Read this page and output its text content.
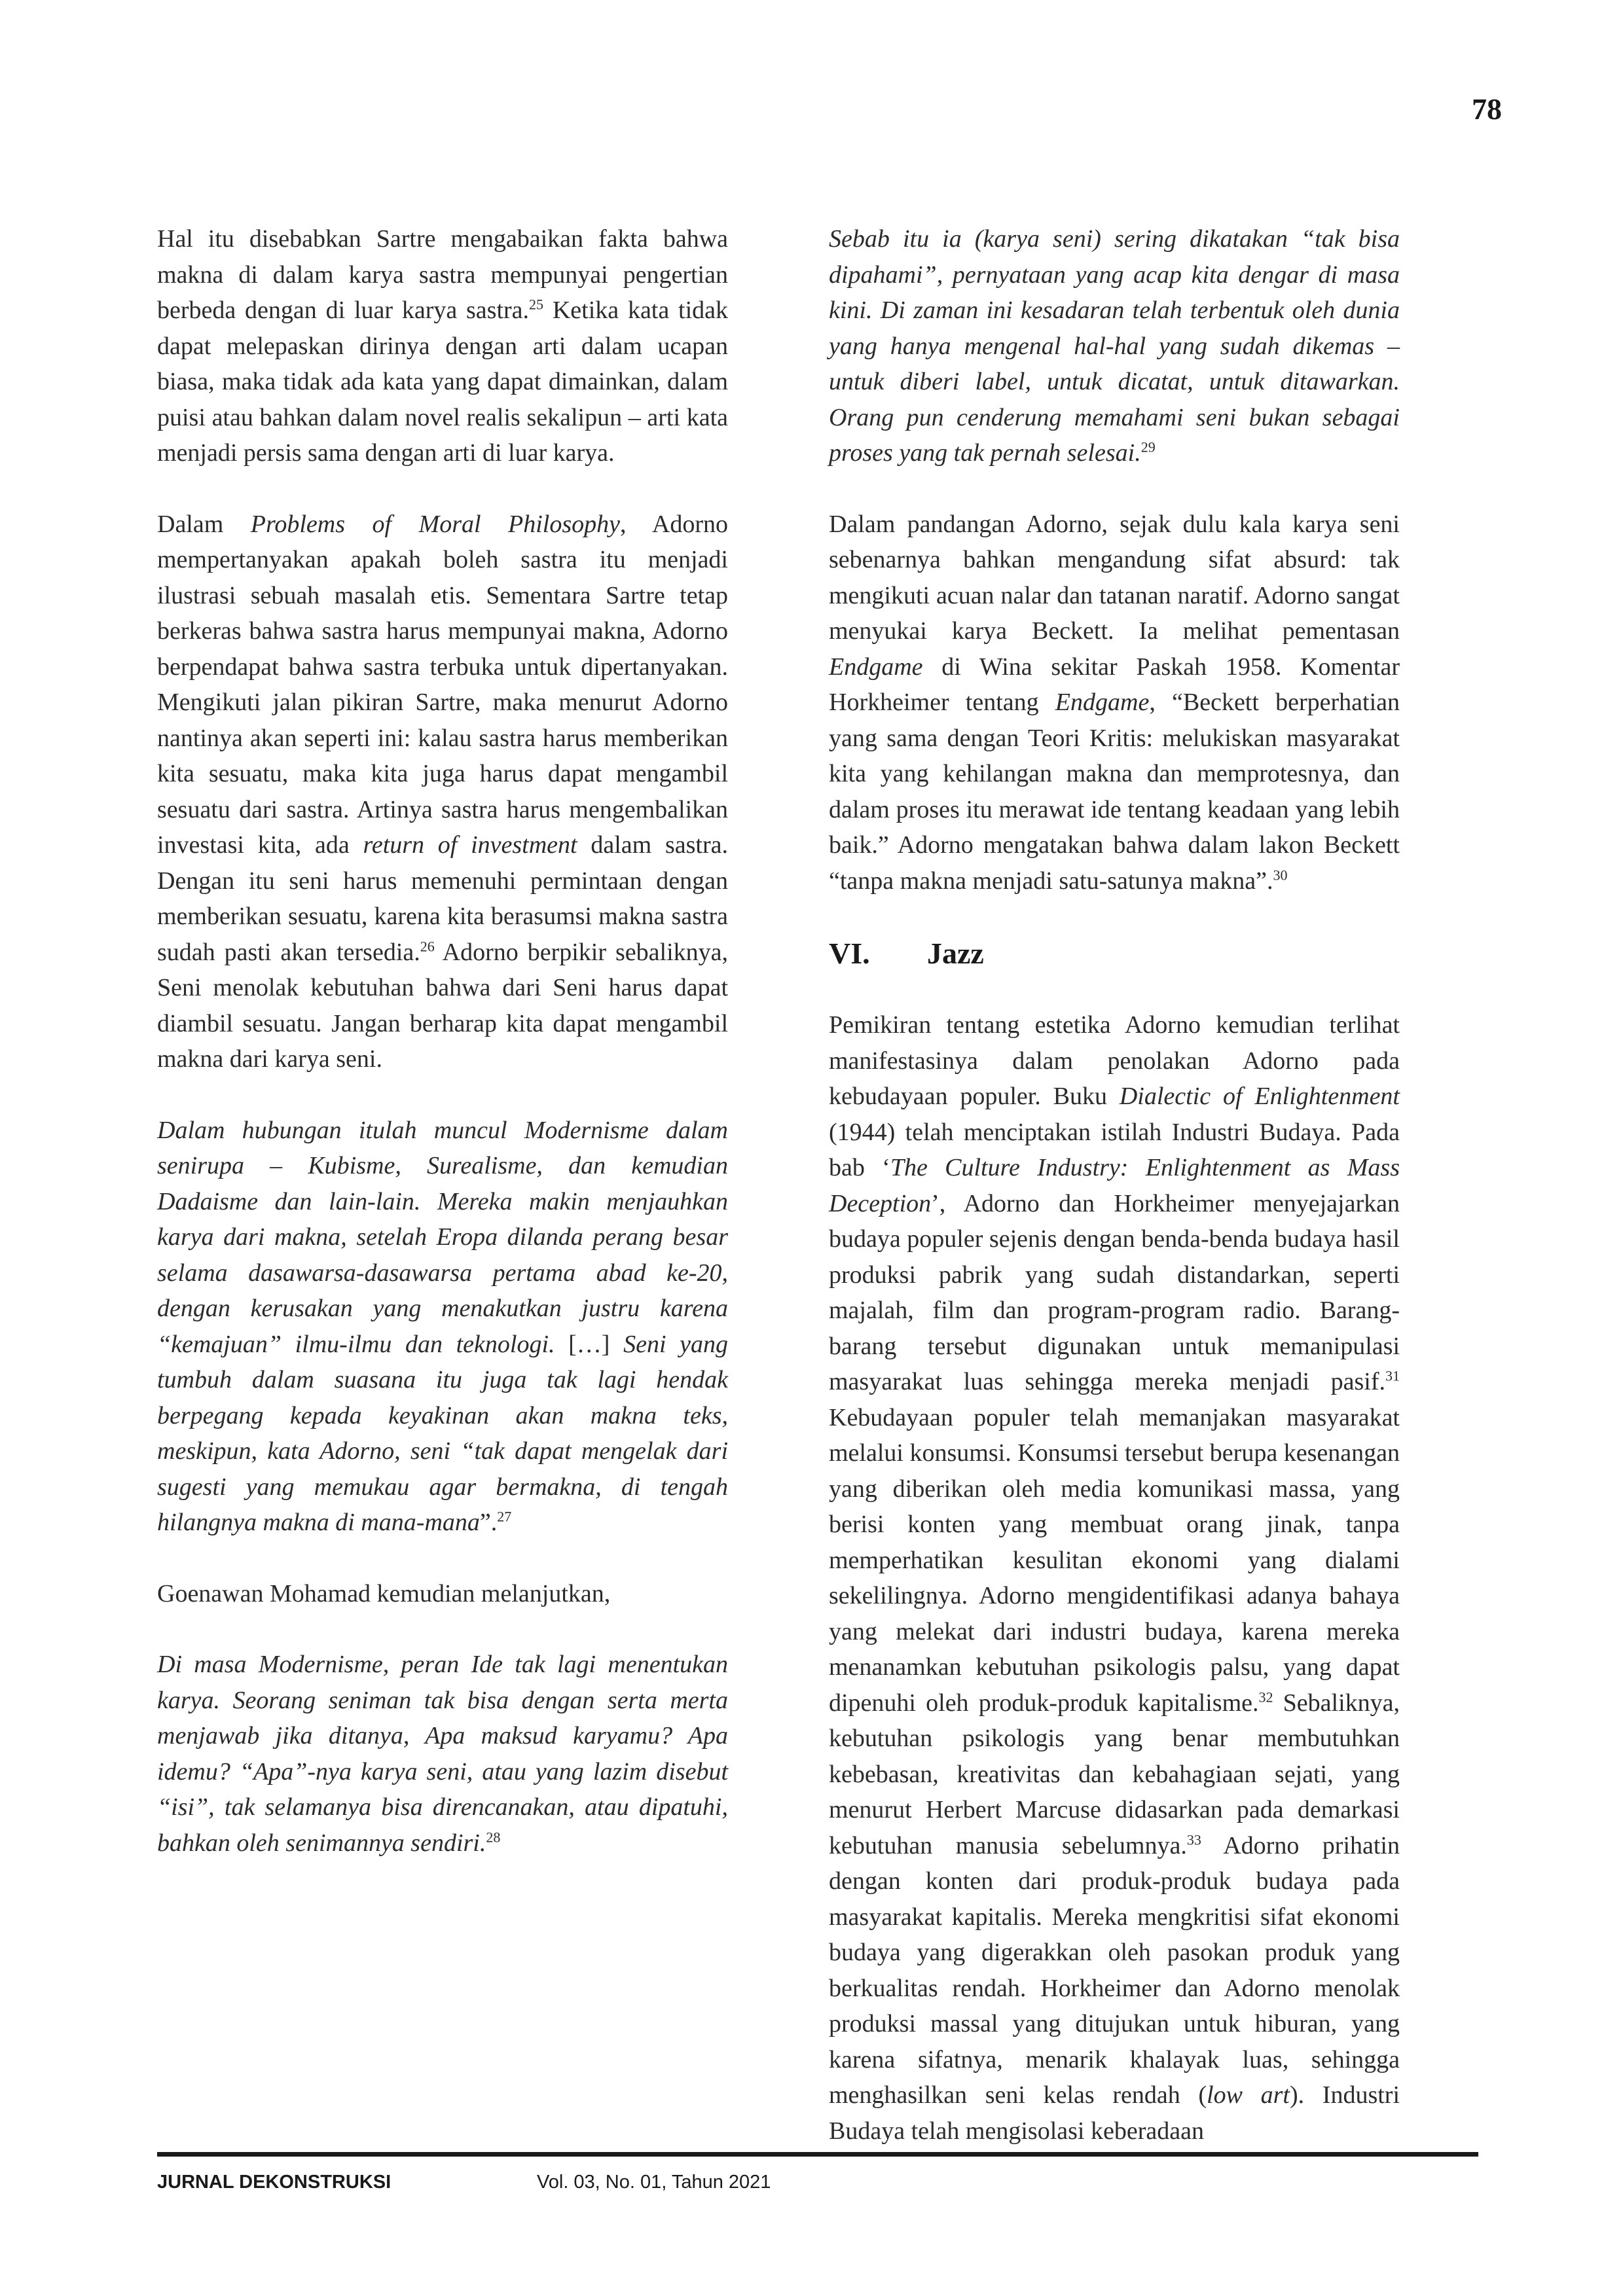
78

Hal itu disebabkan Sartre mengabaikan fakta bahwa makna di dalam karya sastra mempunyai pengertian berbeda dengan di luar karya sastra.$^{25}$ Ketika kata tidak dapat melepaskan dirinya dengan arti dalam ucapan biasa, maka tidak ada kata yang dapat dimainkan, dalam puisi atau bahkan dalam novel realis sekalipun – arti kata menjadi persis sama dengan arti di luar karya.

Dalam Problems of Moral Philosophy, Adorno mempertanyakan apakah boleh sastra itu menjadi ilustrasi sebuah masalah etis. Sementara Sartre tetap berkeras bahwa sastra harus mempunyai makna, Adorno berpendapat bahwa sastra terbuka untuk dipertanyakan. Mengikuti jalan pikiran Sartre, maka menurut Adorno nantinya akan seperti ini: kalau sastra harus memberikan kita sesuatu, maka kita juga harus dapat mengambil sesuatu dari sastra. Artinya sastra harus mengembalikan investasi kita, ada return of investment dalam sastra. Dengan itu seni harus memenuhi permintaan dengan memberikan sesuatu, karena kita berasumsi makna sastra sudah pasti akan tersedia.$^{26}$ Adorno berpikir sebaliknya, Seni menolak kebutuhan bahwa dari Seni harus dapat diambil sesuatu. Jangan berharap kita dapat mengambil makna dari karya seni.

Dalam hubungan itulah muncul Modernisme dalam senirupa – Kubisme, Surealisme, dan kemudian Dadaisme dan lain-lain. Mereka makin menjauhkan karya dari makna, setelah Eropa dilanda perang besar selama dasawarsa-dasawarsa pertama abad ke-20, dengan kerusakan yang menakutkan justru karena “kemajuan” ilmu-ilmu dan teknologi. […] Seni yang tumbuh dalam suasana itu juga tak lagi hendak berpegang kepada keyakinan akan makna teks, meskipun, kata Adorno, seni “tak dapat mengelak dari sugesti yang memukau agar bermakna, di tengah hilangnya makna di mana-mana”.$^{27}$

Goenawan Mohamad kemudian melanjutkan,

Di masa Modernisme, peran Ide tak lagi menentukan karya. Seorang seniman tak bisa dengan serta merta menjawab jika ditanya, Apa maksud karyamu? Apa idemu? “Apa”-nya karya seni, atau yang lazim disebut “isi”, tak selamanya bisa direncanakan, atau dipatuhi, bahkan oleh senimannya sendiri.$^{28}$

Sebab itu ia (karya seni) sering dikatakan “tak bisa dipahami”, pernyataan yang acap kita dengar di masa kini. Di zaman ini kesadaran telah terbentuk oleh dunia yang hanya mengenal hal-hal yang sudah dikemas – untuk diberi label, untuk dicatat, untuk ditawarkan. Orang pun cenderung memahami seni bukan sebagai proses yang tak pernah selesai.$^{29}$

Dalam pandangan Adorno, sejak dulu kala karya seni sebenarnya bahkan mengandung sifat absurd: tak mengikuti acuan nalar dan tatanan naratif. Adorno sangat menyukai karya Beckett. Ia melihat pementasan Endgame di Wina sekitar Paskah 1958. Komentar Horkheimer tentang Endgame, “Beckett berperhatian yang sama dengan Teori Kritis: melukiskan masyarakat kita yang kehilangan makna dan memprotesnya, dan dalam proses itu merawat ide tentang keadaan yang lebih baik.” Adorno mengatakan bahwa dalam lakon Beckett “tanpa makna menjadi satu-satunya makna”.$^{30}$

VI. Jazz

Pemikiran tentang estetika Adorno kemudian terlihat manifestasinya dalam penolakan Adorno pada kebudayaan populer. Buku Dialectic of Enlightenment (1944) telah menciptakan istilah Industri Budaya. Pada bab ‘The Culture Industry: Enlightenment as Mass Deception’, Adorno dan Horkheimer menyejajarkan budaya populer sejenis dengan benda-benda budaya hasil produksi pabrik yang sudah distandarkan, seperti majalah, film dan program-program radio. Barang- barang tersebut digunakan untuk memanipulasi masyarakat luas sehingga mereka menjadi pasif.$^{31}$ Kebudayaan populer telah memanjakan masyarakat melalui konsumsi. Konsumsi tersebut berupa kesenangan yang diberikan oleh media komunikasi massa, yang berisi konten yang membuat orang jinak, tanpa memperhatikan kesulitan ekonomi yang dialami sekelilingnya. Adorno mengidentifikasi adanya bahaya yang melekat dari industri budaya, karena mereka menanamkan kebutuhan psikologis palsu, yang dapat dipenuhi oleh produk-produk kapitalisme.$^{32}$ Sebaliknya, kebutuhan psikologis yang benar membutuhkan kebebasan, kreativitas dan kebahagiaan sejati, yang menurut Herbert Marcuse didasarkan pada demarkasi kebutuhan manusia sebelumnya.$^{33}$ Adorno prihatin dengan konten dari produk-produk budaya pada masyarakat kapitalis. Mereka mengkritisi sifat ekonomi budaya yang digerakkan oleh pasokan produk yang berkualitas rendah. Horkheimer dan Adorno menolak produksi massal yang ditujukan untuk hiburan, yang karena sifatnya, menarik khalayak luas, sehingga menghasilkan seni kelas rendah (low art). Industri Budaya telah mengisolasi keberadaan

JURNAL DEKONSTRUKSI	Vol. 03, No. 01, Tahun 2021
